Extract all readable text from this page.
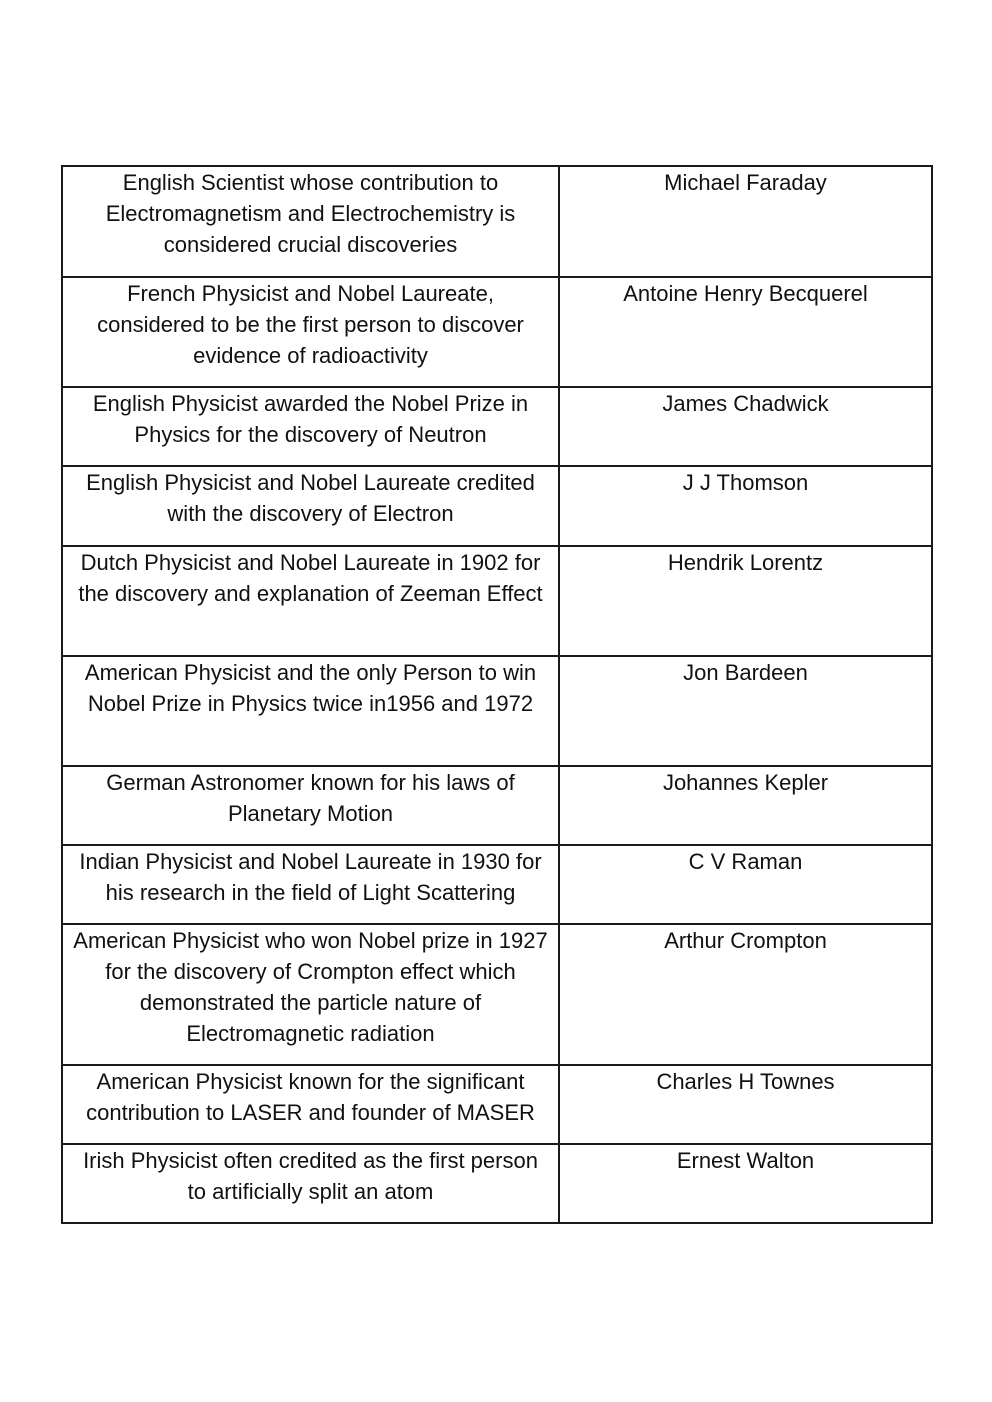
English Scientist whose contribution to Electromagnetism and Electrochemistry is considered crucial discoveries	Michael Faraday
French Physicist and Nobel Laureate, considered to be the first person to discover evidence of radioactivity	Antoine Henry Becquerel
English Physicist awarded the Nobel Prize in Physics for the discovery of Neutron	James Chadwick
English Physicist and Nobel Laureate credited with the discovery of Electron	J J Thomson
Dutch Physicist and Nobel Laureate in 1902 for the discovery and explanation of Zeeman Effect	Hendrik Lorentz
American Physicist and the only Person to win Nobel Prize in Physics twice in1956 and 1972	Jon Bardeen
German Astronomer known for his laws of Planetary Motion	Johannes Kepler
Indian Physicist and Nobel Laureate in 1930 for his research in the field of Light Scattering	C V Raman
American Physicist who won Nobel prize in 1927 for the discovery of Crompton effect which demonstrated the particle nature of Electromagnetic radiation	Arthur Crompton
American Physicist known for the significant contribution to LASER and founder of MASER	Charles H Townes
Irish Physicist often credited as the first person to artificially split an atom	Ernest Walton
